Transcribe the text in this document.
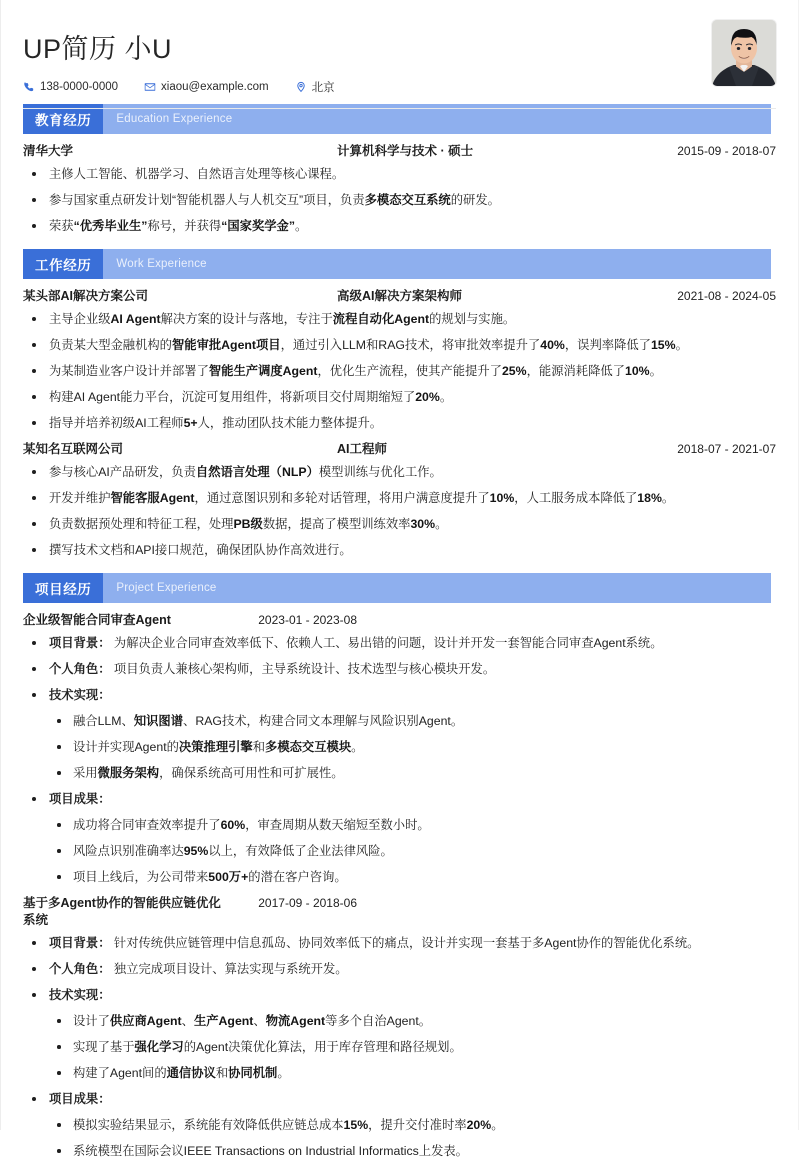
UP简历 小U
138-0000-0000	xiaou@example.com	北京
教育经历	Education Experience
清华大学	计算机科学与技术 · 硕士	2015-09 - 2018-07
主修人工智能、机器学习、自然语言处理等核心课程。
参与国家重点研发计划“智能机器人与人机交互”项目，负责多模态交互系统的研发。
荣获“优秀毕业生”称号，并获得“国家奖学金”。
工作经历	Work Experience
某头部AI解决方案公司	高级AI解决方案架构师	2021-08 - 2024-05
主导企业级AI Agent解决方案的设计与落地，专注于流程自动化Agent的规划与实施。
负责某大型金融机构的智能审批Agent项目，通过引入LLM和RAG技术，将审批效率提升了40%，误判率降低了15%。
为某制造业客户设计并部署了智能生产调度Agent，优化生产流程，使其产能提升了25%，能源消耗降低了10%。
构建AI Agent能力平台，沉淀可复用组件，将新项目交付周期缩短了20%。
指导并培养初级AI工程师5+人，推动团队技术能力整体提升。
某知名互联网公司	AI工程师	2018-07 - 2021-07
参与核心AI产品研发，负责自然语言处理（NLP）模型训练与优化工作。
开发并维护智能客服Agent，通过意图识别和多轮对话管理，将用户满意度提升了10%，人工服务成本降低了18%。
负责数据预处理和特征工程，处理PB级数据，提高了模型训练效率30%。
撰写技术文档和API接口规范，确保团队协作高效进行。
项目经历	Project Experience
企业级智能合同审查Agent	2023-01 - 2023-08
项目背景： 为解决企业合同审查效率低下、依赖人工、易出错的问题，设计并开发一套智能合同审查Agent系统。
个人角色： 项目负责人兼核心架构师，主导系统设计、技术选型与核心模块开发。
技术实现：
融合LLM、知识图谱、RAG技术，构建合同文本理解与风险识别Agent。
设计并实现Agent的决策推理引擎和多模态交互模块。
采用微服务架构，确保系统高可用性和可扩展性。
项目成果：
成功将合同审查效率提升了60%，审查周期从数天缩短至数小时。
风险点识别准确率达95%以上，有效降低了企业法律风险。
项目上线后，为公司带来500万+的潜在客户咨询。
基于多Agent协作的智能供应链优化系统
2017-09 - 2018-06
项目背景： 针对传统供应链管理中信息孤岛、协同效率低下的痛点，设计并实现一套基于多Agent协作的智能优化系统。
个人角色： 独立完成项目设计、算法实现与系统开发。
技术实现：
设计了供应商Agent、生产Agent、物流Agent等多个自治Agent。
实现了基于强化学习的Agent决策优化算法，用于库存管理和路径规划。
构建了Agent间的通信协议和协同机制。
项目成果：
模拟实验结果显示，系统能有效降低供应链总成本15%，提升交付准时率20%。
系统模型在国际会议IEEE Transactions on Industrial Informatics上发表。
